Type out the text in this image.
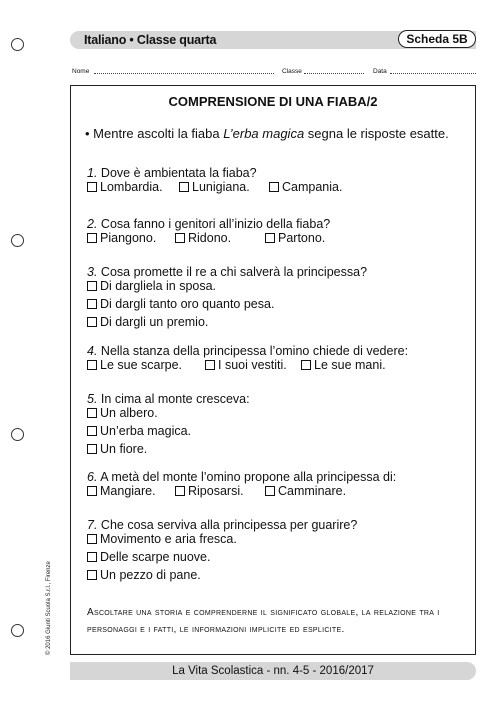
Italiano • Classe quarta	Scheda 5B
Nome	Classe	Data
COMPRENSIONE DI UNA FIABA/2
• Mentre ascolti la fiaba L’erba magica segna le risposte esatte.
1. Dove è ambientata la fiaba?
Lombardia.	Lunigiana.	Campania.
2. Cosa fanno i genitori all’inizio della fiaba?
Piangono.	Ridono.	Partono.
3. Cosa promette il re a chi salverà la principessa?
Di dargliela in sposa.
Di dargli tanto oro quanto pesa.
Di dargli un premio.
4. Nella stanza della principessa l’omino chiede di vedere:
Le sue scarpe.	I suoi vestiti.	Le sue mani.
5. In cima al monte cresceva:
Un albero.
Un’erba magica.
Un fiore.
6. A metà del monte l’omino propone alla principessa di:
Mangiare.	Riposarsi.	Camminare.
7. Che cosa serviva alla principessa per guarire?
Movimento e aria fresca.
Delle scarpe nuove.
Un pezzo di pane.
Ascoltare una storia e comprenderne il significato globale, la relazione tra i personaggi e i fatti, le informazioni implicite ed esplicite.
© 2016 Giunti Scuola S.r.l., Firenze
La Vita Scolastica - nn. 4-5 - 2016/2017
